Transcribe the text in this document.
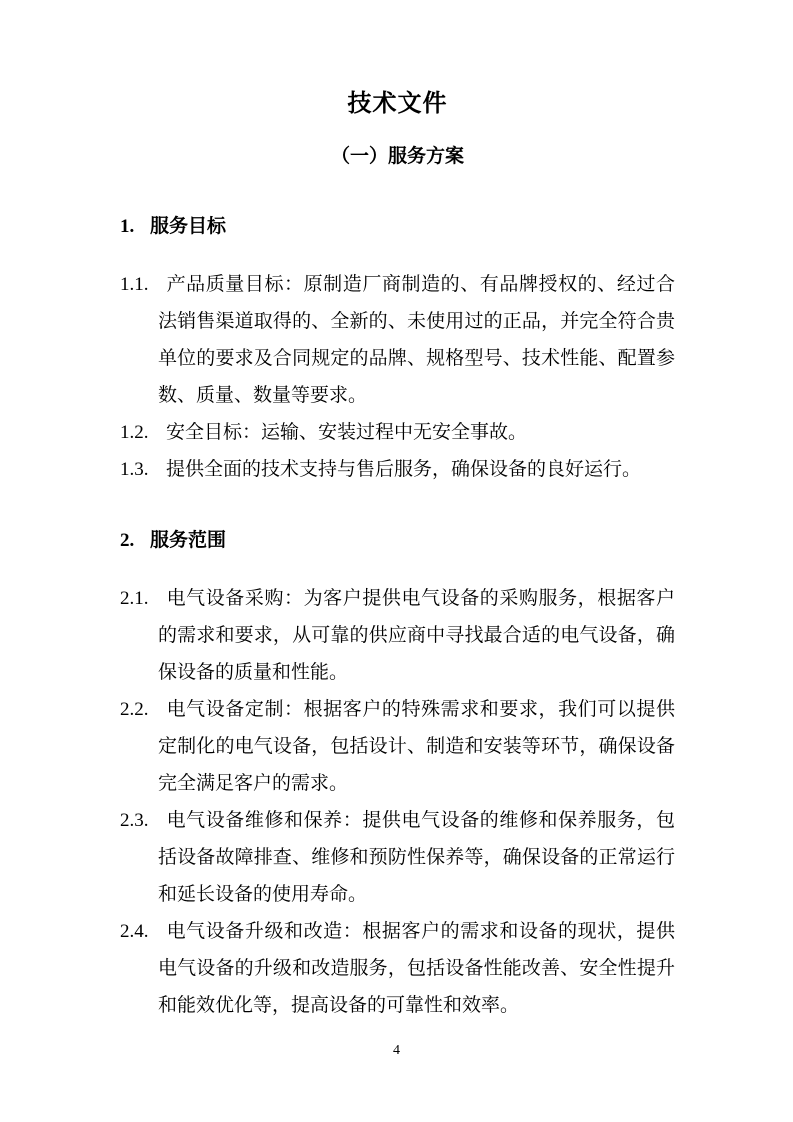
技术文件
（一）服务方案
1. 服务目标

1.1. 产品质量目标：原制造厂商制造的、有品牌授权的、经过合法销售渠道取得的、全新的、未使用过的正品，并完全符合贵单位的要求及合同规定的品牌、规格型号、技术性能、配置参数、质量、数量等要求。

1.2. 安全目标：运输、安装过程中无安全事故。

1.3. 提供全面的技术支持与售后服务，确保设备的良好运行。

2. 服务范围

2.1. 电气设备采购：为客户提供电气设备的采购服务，根据客户的需求和要求，从可靠的供应商中寻找最合适的电气设备，确保设备的质量和性能。

2.2. 电气设备定制：根据客户的特殊需求和要求，我们可以提供定制化的电气设备，包括设计、制造和安装等环节，确保设备完全满足客户的需求。

2.3. 电气设备维修和保养：提供电气设备的维修和保养服务，包括设备故障排查、维修和预防性保养等，确保设备的正常运行和延长设备的使用寿命。

2.4. 电气设备升级和改造：根据客户的需求和设备的现状，提供电气设备的升级和改造服务，包括设备性能改善、安全性提升和能效优化等，提高设备的可靠性和效率。

4
